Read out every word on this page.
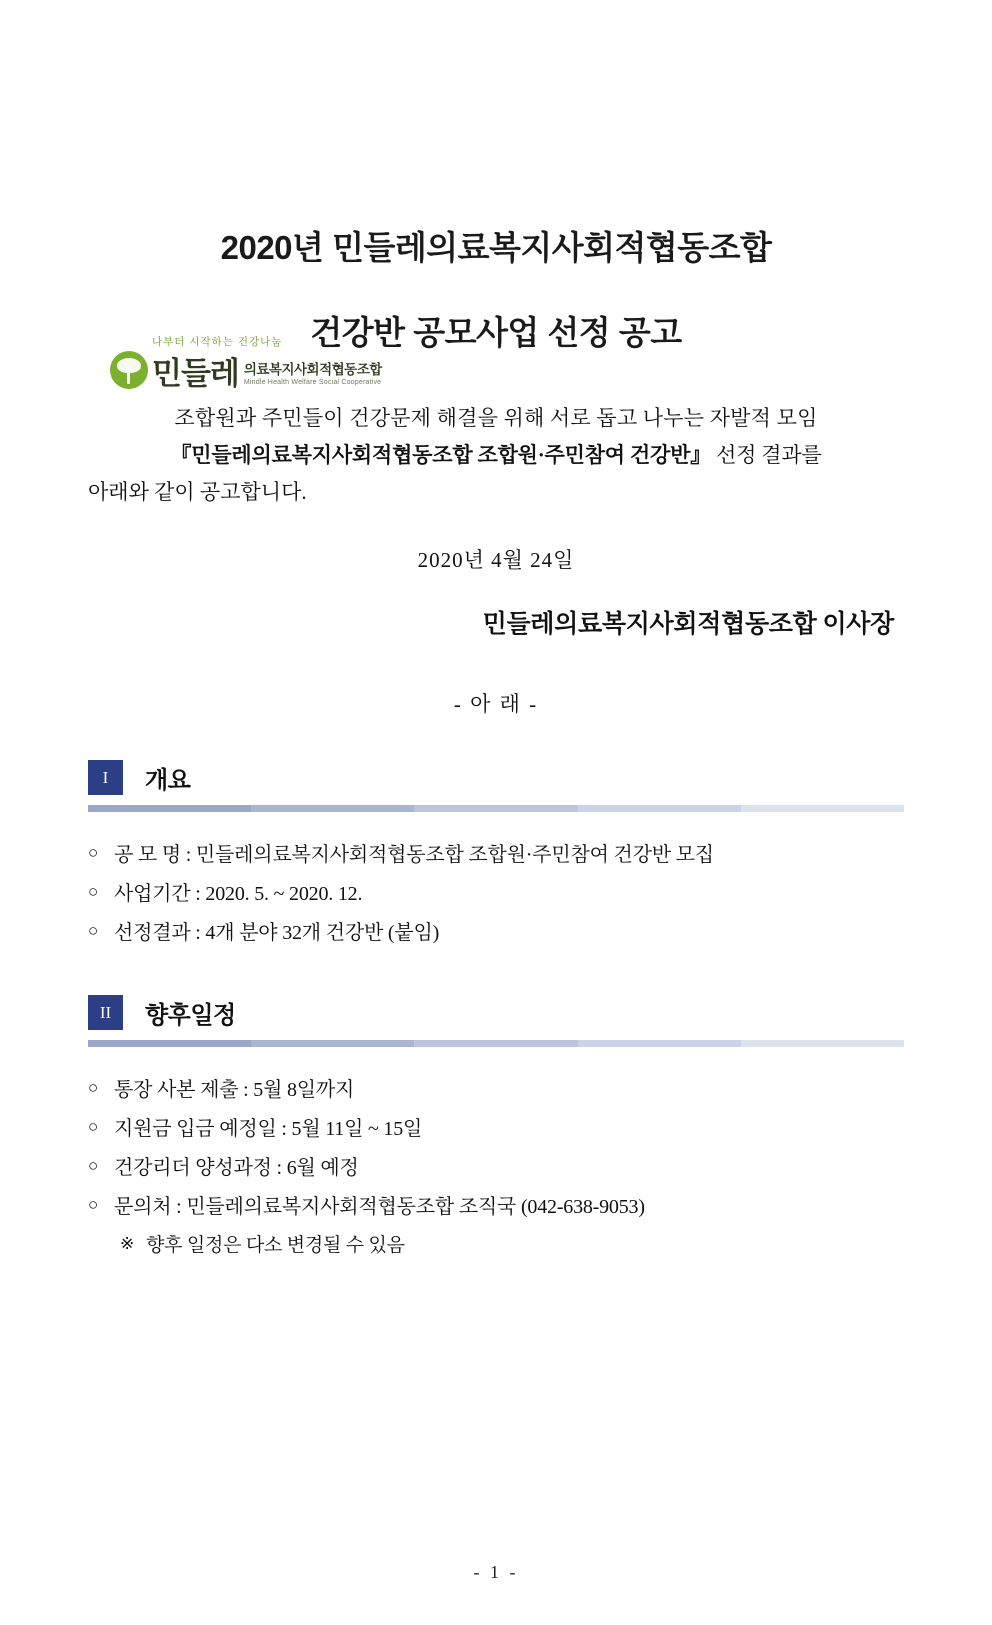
나부터 시작하는 건강나눔
민들레 의료복지사회적협동조합
Mindle Health Welfare Social Cooperative
2020년 민들레의료복지사회적협동조합
건강반 공모사업 선정 공고
조합원과 주민들이 건강문제 해결을 위해 서로 돕고 나누는 자발적 모임
『민들레의료복지사회적협동조합 조합원·주민참여 건강반』 선정 결과를
아래와 같이 공고합니다.
2020년 4월 24일
민들레의료복지사회적협동조합 이사장
- 아 래 -
I	개요
○ 공 모 명 : 민들레의료복지사회적협동조합 조합원·주민참여 건강반 모집
○ 사업기간 : 2020. 5. ~ 2020. 12.
○ 선정결과 : 4개 분야 32개 건강반 (붙임)
II	향후일정
○ 통장 사본 제출 : 5월 8일까지
○ 지원금 입금 예정일 : 5월 11일 ~ 15일
○ 건강리더 양성과정 : 6월 예정
○ 문의처 : 민들레의료복지사회적협동조합 조직국 (042-638-9053)
※ 향후 일정은 다소 변경될 수 있음
- 1 -
